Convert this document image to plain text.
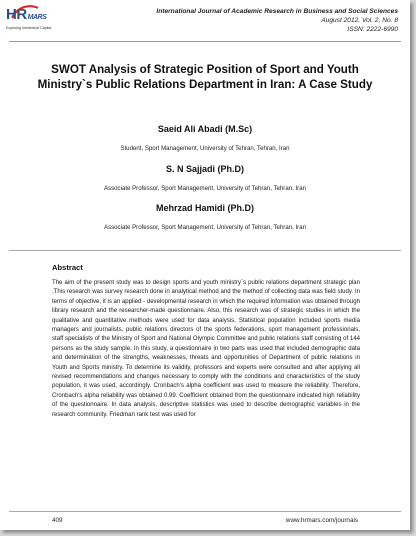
HRMARS
Exploring Intellectual Capital
International Journal of Academic Research in Business and Social Sciences
August 2012, Vol. 2, No. 8
ISSN: 2222-6990
SWOT Analysis of Strategic Position of Sport and Youth Ministry`s Public Relations Department in Iran: A Case Study
Saeid Ali Abadi (M.Sc)
Student, Sport Management, University of Tehran, Tehran, Iran
S. N Sajjadi (Ph.D)
Associate Professor, Sport Management, University of Tehran, Tehran, Iran
Mehrzad Hamidi (Ph.D)
Associate Professor, Sport Management, University of Tehran, Tehran, Iran
Abstract
The aim of the present study was to design sports and youth ministry`s public relations department strategic plan .This research was survey research done in analytical method and the method of collecting data was field study. In terms of objective, it is an applied - developmental research in which the required information was obtained through library research and the researcher-made questionnaire. Also, this research was of strategic studies in which the qualitative and quantitative methods were used for data analysis. Statistical population included sports media managers and journalists, public relations directors of the sports federations, sport management professionals, staff specialists of the Ministry of Sport and National Olympic Committee and public relations staff consisting of 144 persons as the study sample. In this study, a questionnaire in two parts was used that included demographic data and determination of the strengths, weaknesses, threats and opportunities of Department of public relations in Youth and Sports ministry. To determine its validity, professors and experts were consulted and after applying all revised recommendations and changes necessary to comply with the conditions and characteristics of the study population, it was used, accordingly. Cronbach's alpha coefficient was used to measure the reliability. Therefore, Cronbach's alpha reliability was obtained 0.99. Coefficient obtained from the questionnaire indicated high reliability of the questionnaire. In data analysis, descriptive statistics was used to describe demographic variables in the research community. Friedman rank test was used for
409	www.hrmars.com/journals
